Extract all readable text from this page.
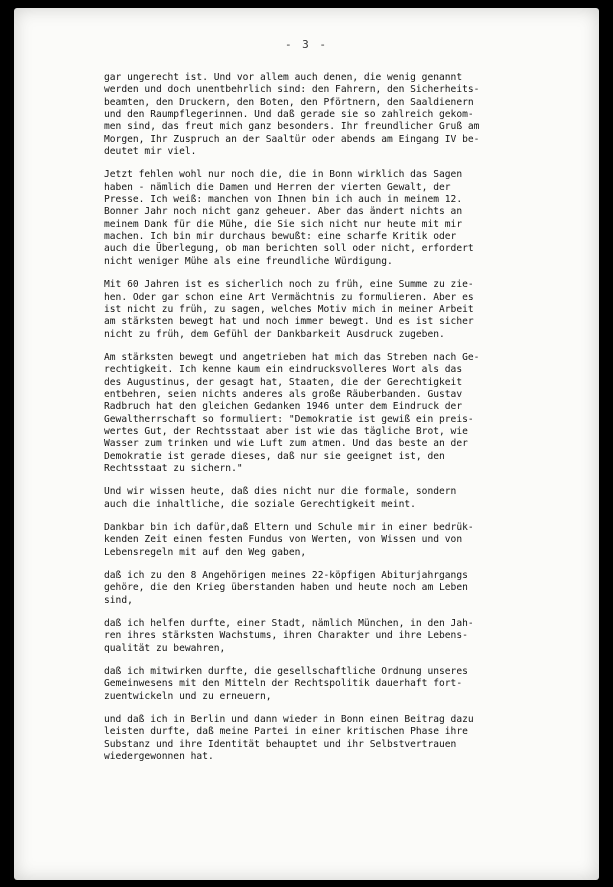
- 3 -
gar ungerecht ist. Und vor allem auch denen, die wenig genannt
werden und doch unentbehrlich sind: den Fahrern, den Sicherheits-
beamten, den Druckern, den Boten, den Pförtnern, den Saaldienern
und den Raumpflegerinnen. Und daß gerade sie so zahlreich gekom-
men sind, das freut mich ganz besonders. Ihr freundlicher Gruß am
Morgen, Ihr Zuspruch an der Saaltür oder abends am Eingang IV be-
deutet mir viel.
Jetzt fehlen wohl nur noch die, die in Bonn wirklich das Sagen
haben - nämlich die Damen und Herren der vierten Gewalt, der
Presse. Ich weiß: manchen von Ihnen bin ich auch in meinem 12.
Bonner Jahr noch nicht ganz geheuer. Aber das ändert nichts an
meinem Dank für die Mühe, die Sie sich nicht nur heute mit mir
machen. Ich bin mir durchaus bewußt: eine scharfe Kritik oder
auch die Überlegung, ob man berichten soll oder nicht, erfordert
nicht weniger Mühe als eine freundliche Würdigung.
Mit 60 Jahren ist es sicherlich noch zu früh, eine Summe zu zie-
hen. Oder gar schon eine Art Vermächtnis zu formulieren. Aber es
ist nicht zu früh, zu sagen, welches Motiv mich in meiner Arbeit
am stärksten bewegt hat und noch immer bewegt. Und es ist sicher
nicht zu früh, dem Gefühl der Dankbarkeit Ausdruck zugeben.
Am stärksten bewegt und angetrieben hat mich das Streben nach Ge-
rechtigkeit. Ich kenne kaum ein eindrucksvolleres Wort als das
des Augustinus, der gesagt hat, Staaten, die der Gerechtigkeit
entbehren, seien nichts anderes als große Räuberbanden. Gustav
Radbruch hat den gleichen Gedanken 1946 unter dem Eindruck der
Gewaltherrschaft so formuliert: "Demokratie ist gewiß ein preis-
wertes Gut, der Rechtsstaat aber ist wie das tägliche Brot, wie
Wasser zum trinken und wie Luft zum atmen. Und das beste an der
Demokratie ist gerade dieses, daß nur sie geeignet ist, den
Rechtsstaat zu sichern."
Und wir wissen heute, daß dies nicht nur die formale, sondern
auch die inhaltliche, die soziale Gerechtigkeit meint.
Dankbar bin ich dafür,daß Eltern und Schule mir in einer bedrük-
kenden Zeit einen festen Fundus von Werten, von Wissen und von
Lebensregeln mit auf den Weg gaben,
daß ich zu den 8 Angehörigen meines 22-köpfigen Abiturjahrgangs
gehöre, die den Krieg überstanden haben und heute noch am Leben
sind,
daß ich helfen durfte, einer Stadt, nämlich München, in den Jah-
ren ihres stärksten Wachstums, ihren Charakter und ihre Lebens-
qualität zu bewahren,
daß ich mitwirken durfte, die gesellschaftliche Ordnung unseres
Gemeinwesens mit den Mitteln der Rechtspolitik dauerhaft fort-
zuentwickeln und zu erneuern,
und daß ich in Berlin und dann wieder in Bonn einen Beitrag dazu
leisten durfte, daß meine Partei in einer kritischen Phase ihre
Substanz und ihre Identität behauptet und ihr Selbstvertrauen
wiedergewonnen hat.
